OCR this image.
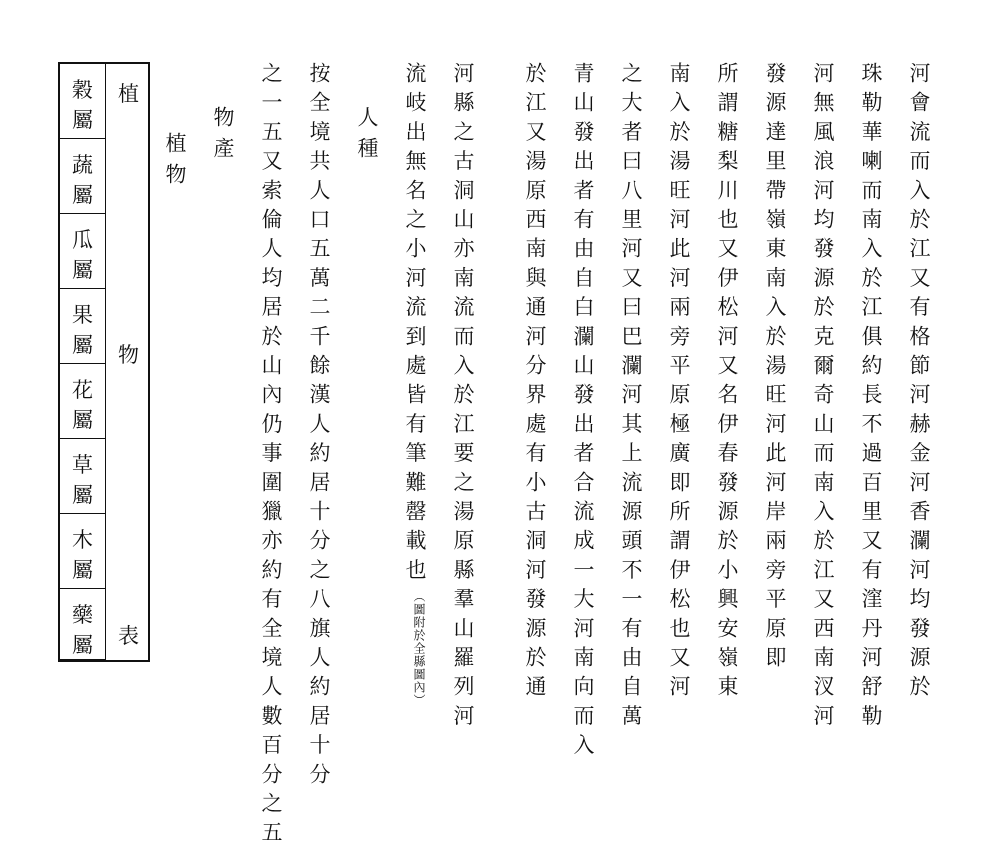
河會流而入於江又有格節河赫金河香瀾河均發源於
珠勒華喇而南入於江俱約長不過百里又有漥丹河舒勒
河無風浪河均發源於克爾奇山而南入於江又西南汊河
發源達里帶嶺東南入於湯旺河此河岸兩旁平原即
所謂糖梨川也又伊松河又名伊春發源於小興安嶺東
南入於湯旺河此河兩旁平原極廣即所謂伊松也又河
之大者曰八里河又曰巴瀾河其上流源頭不一有由自萬
青山發出者有由自白瀾山發出者合流成一大河南向而入
於江又湯原西南與通河分界處有小古洞河發源於通
河縣之古洞山亦南流而入於江要之湯原縣羣山羅列河
流岐出無名之小河流到處皆有筆難罄載也（圖附於全縣圖內）
人種
按全境共人口五萬二千餘漢人約居十分之八旗人約居十分
之一五又索倫人均居於山內仍事圍獵亦約有全境人數百分之五
物產
植物
穀
屬
蔬
屬
瓜
屬
果
屬
花
屬
草
屬
木
屬
藥
屬
植
物
表
